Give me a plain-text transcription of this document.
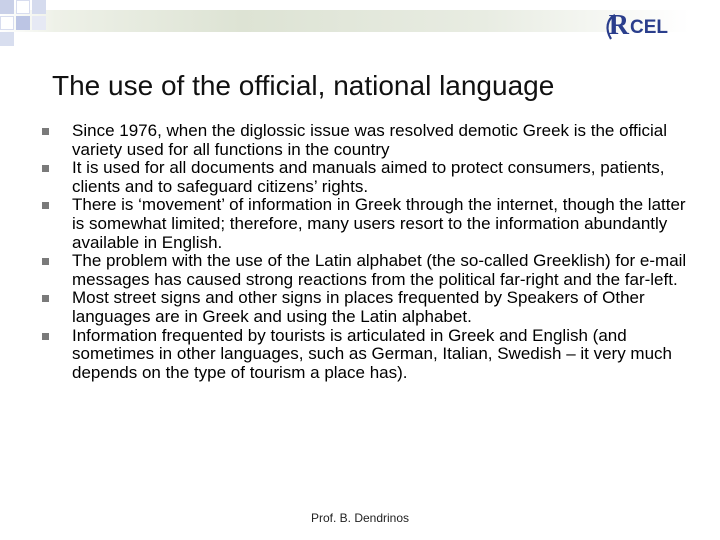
R CEL
The use of the official, national language
Since 1976, when the diglossic issue was resolved demotic Greek is the official variety used for all functions in the country
It is used for all documents and manuals aimed to protect consumers, patients, clients and to safeguard citizens’ rights.
There is ‘movement’ of information in Greek through the internet, though the latter is somewhat limited; therefore, many users resort to the information abundantly available in English.
The problem with the use of the Latin alphabet (the so-called Greeklish) for e-mail messages has caused strong reactions from the political far-right and the far-left.
Most street signs and other signs in places frequented by Speakers of Other languages are in Greek and using the Latin alphabet.
Information frequented by tourists is articulated in Greek and English (and sometimes in other languages, such as German, Italian, Swedish – it very much depends on the type of tourism a place has).
Prof. B. Dendrinos
